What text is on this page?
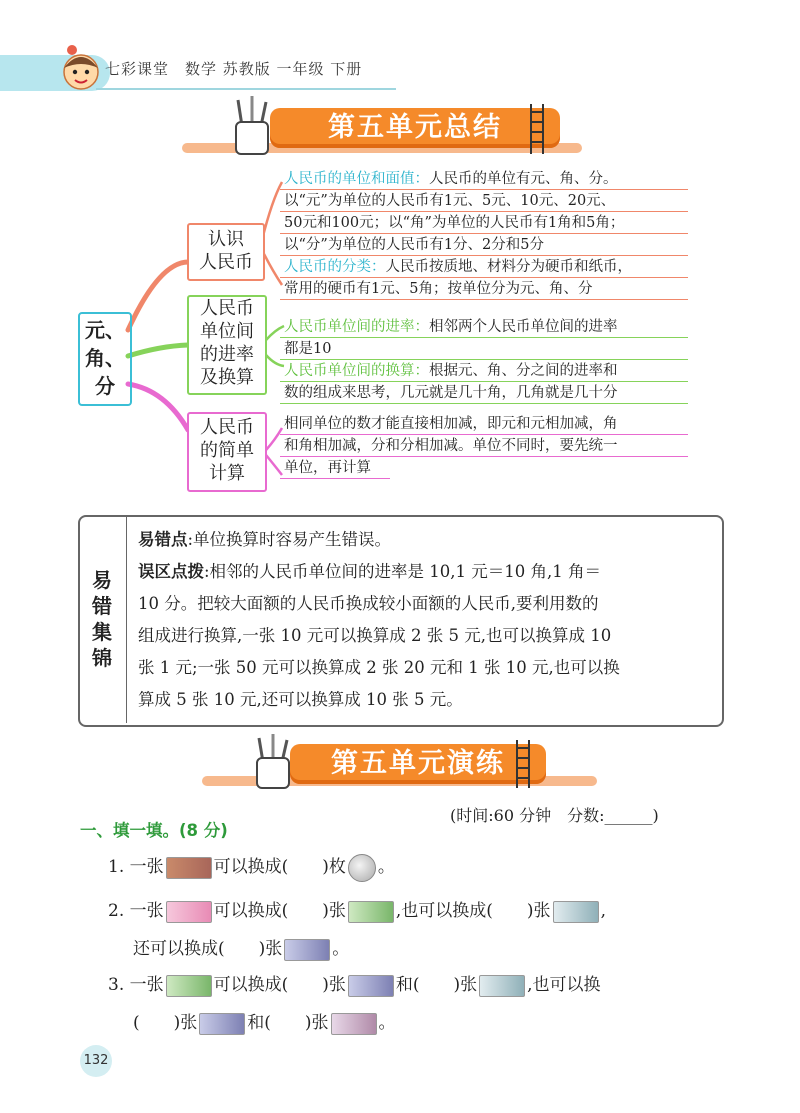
七彩课堂　数学 苏教版 一年级 下册
第五单元总结
元、
角、
分
认识
人民币
人民币
单位间
的进率
及换算
人民币
的简单
计算
人民币的单位和面值：人民币的单位有元、角、分。
以“元”为单位的人民币有1元、5元、10元、20元、
50元和100元；以“角”为单位的人民币有1角和5角；
以“分”为单位的人民币有1分、2分和5分
人民币的分类：人民币按质地、材料分为硬币和纸币，
常用的硬币有1元、5角；按单位分为元、角、分
人民币单位间的进率：相邻两个人民币单位间的进率
都是10
人民币单位间的换算：根据元、角、分之间的进率和
数的组成来思考，几元就是几十角，几角就是几十分
相同单位的数才能直接相加减，即元和元相加减，角
和角相加减，分和分相加减。单位不同时，要先统一
单位，再计算
易
错
集
锦
易错点:单位换算时容易产生错误。
误区点拨:相邻的人民币单位间的进率是 10,1 元＝10 角,1 角＝
10 分。把较大面额的人民币换成较小面额的人民币,要利用数的
组成进行换算,一张 10 元可以换算成 2 张 5 元,也可以换算成 10
张 1 元;一张 50 元可以换算成 2 张 20 元和 1 张 10 元,也可以换
算成 5 张 10 元,还可以换算成 10 张 5 元。
第五单元演练
(时间:60 分钟　分数:______)
一、填一填。(8 分)
1. 一张	可以换成(　　)枚 。
2. 一张	可以换成(　　)张	,也可以换成(　　)张	,
还可以换成(　　)张	。
3. 一张	可以换成(　　)张	和(　　)张	,也可以换
(　　)张	和(　　)张	。
132
